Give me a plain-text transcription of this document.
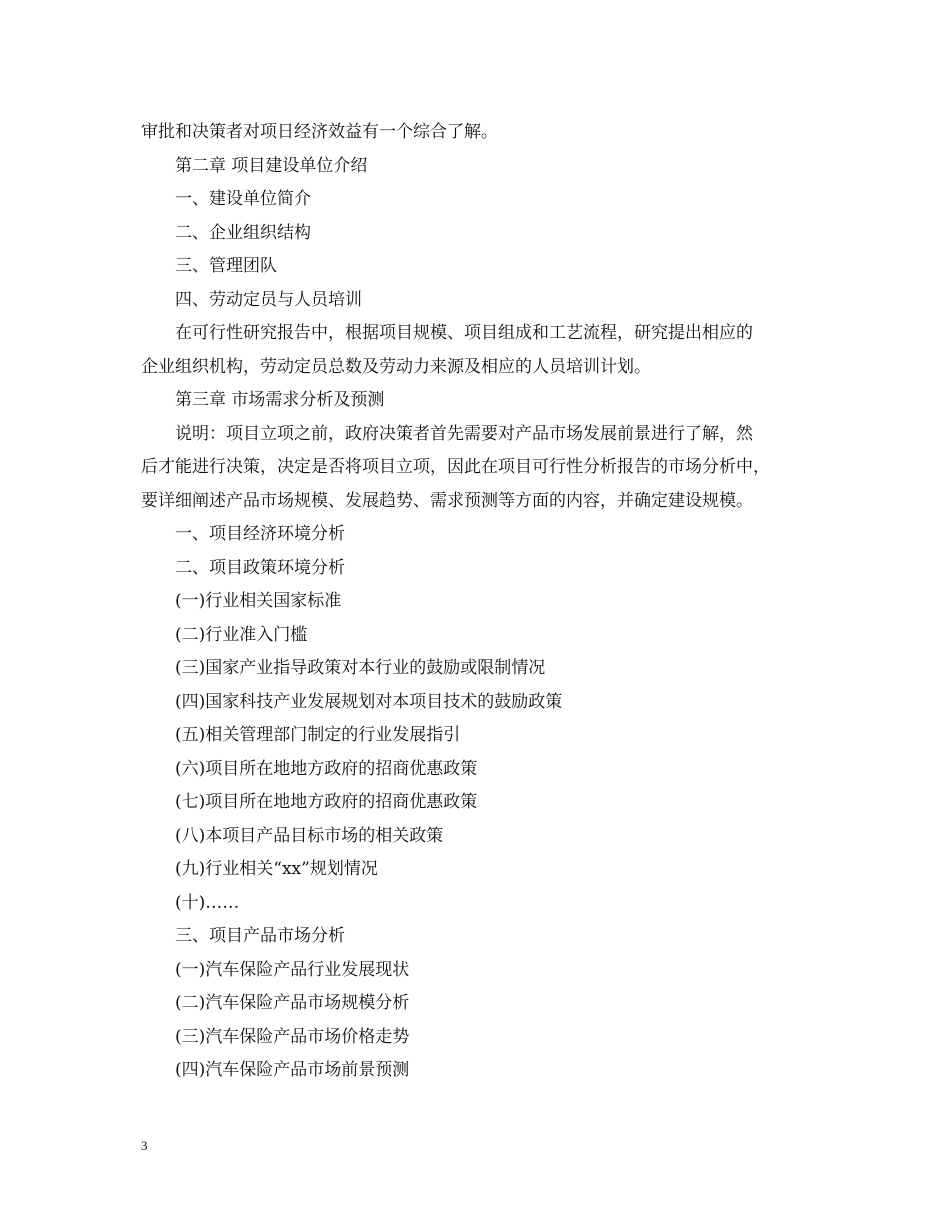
审批和决策者对项日经济效益有一个综合了解。
第二章 项目建设单位介绍
一、建设单位简介
二、企业组织结构
三、管理团队
四、劳动定员与人员培训
在可行性研究报告中，根据项目规模、项目组成和工艺流程，研究提出相应的
企业组织机构，劳动定员总数及劳动力来源及相应的人员培训计划。
第三章 市场需求分析及预测
说明：项目立项之前，政府决策者首先需要对产品市场发展前景进行了解，然
后才能进行决策，决定是否将项目立项，因此在项目可行性分析报告的市场分析中，
要详细阐述产品市场规模、发展趋势、需求预测等方面的内容，并确定建设规模。
一、项目经济环境分析
二、项目政策环境分析
(一)行业相关国家标准
(二)行业准入门槛
(三)国家产业指导政策对本行业的鼓励或限制情况
(四)国家科技产业发展规划对本项目技术的鼓励政策
(五)相关管理部门制定的行业发展指引
(六)项目所在地地方政府的招商优惠政策
(七)项目所在地地方政府的招商优惠政策
(八)本项目产品目标市场的相关政策
(九)行业相关“xx”规划情况
(十)……
三、项目产品市场分析
(一)汽车保险产品行业发展现状
(二)汽车保险产品市场规模分析
(三)汽车保险产品市场价格走势
(四)汽车保险产品市场前景预测
3
